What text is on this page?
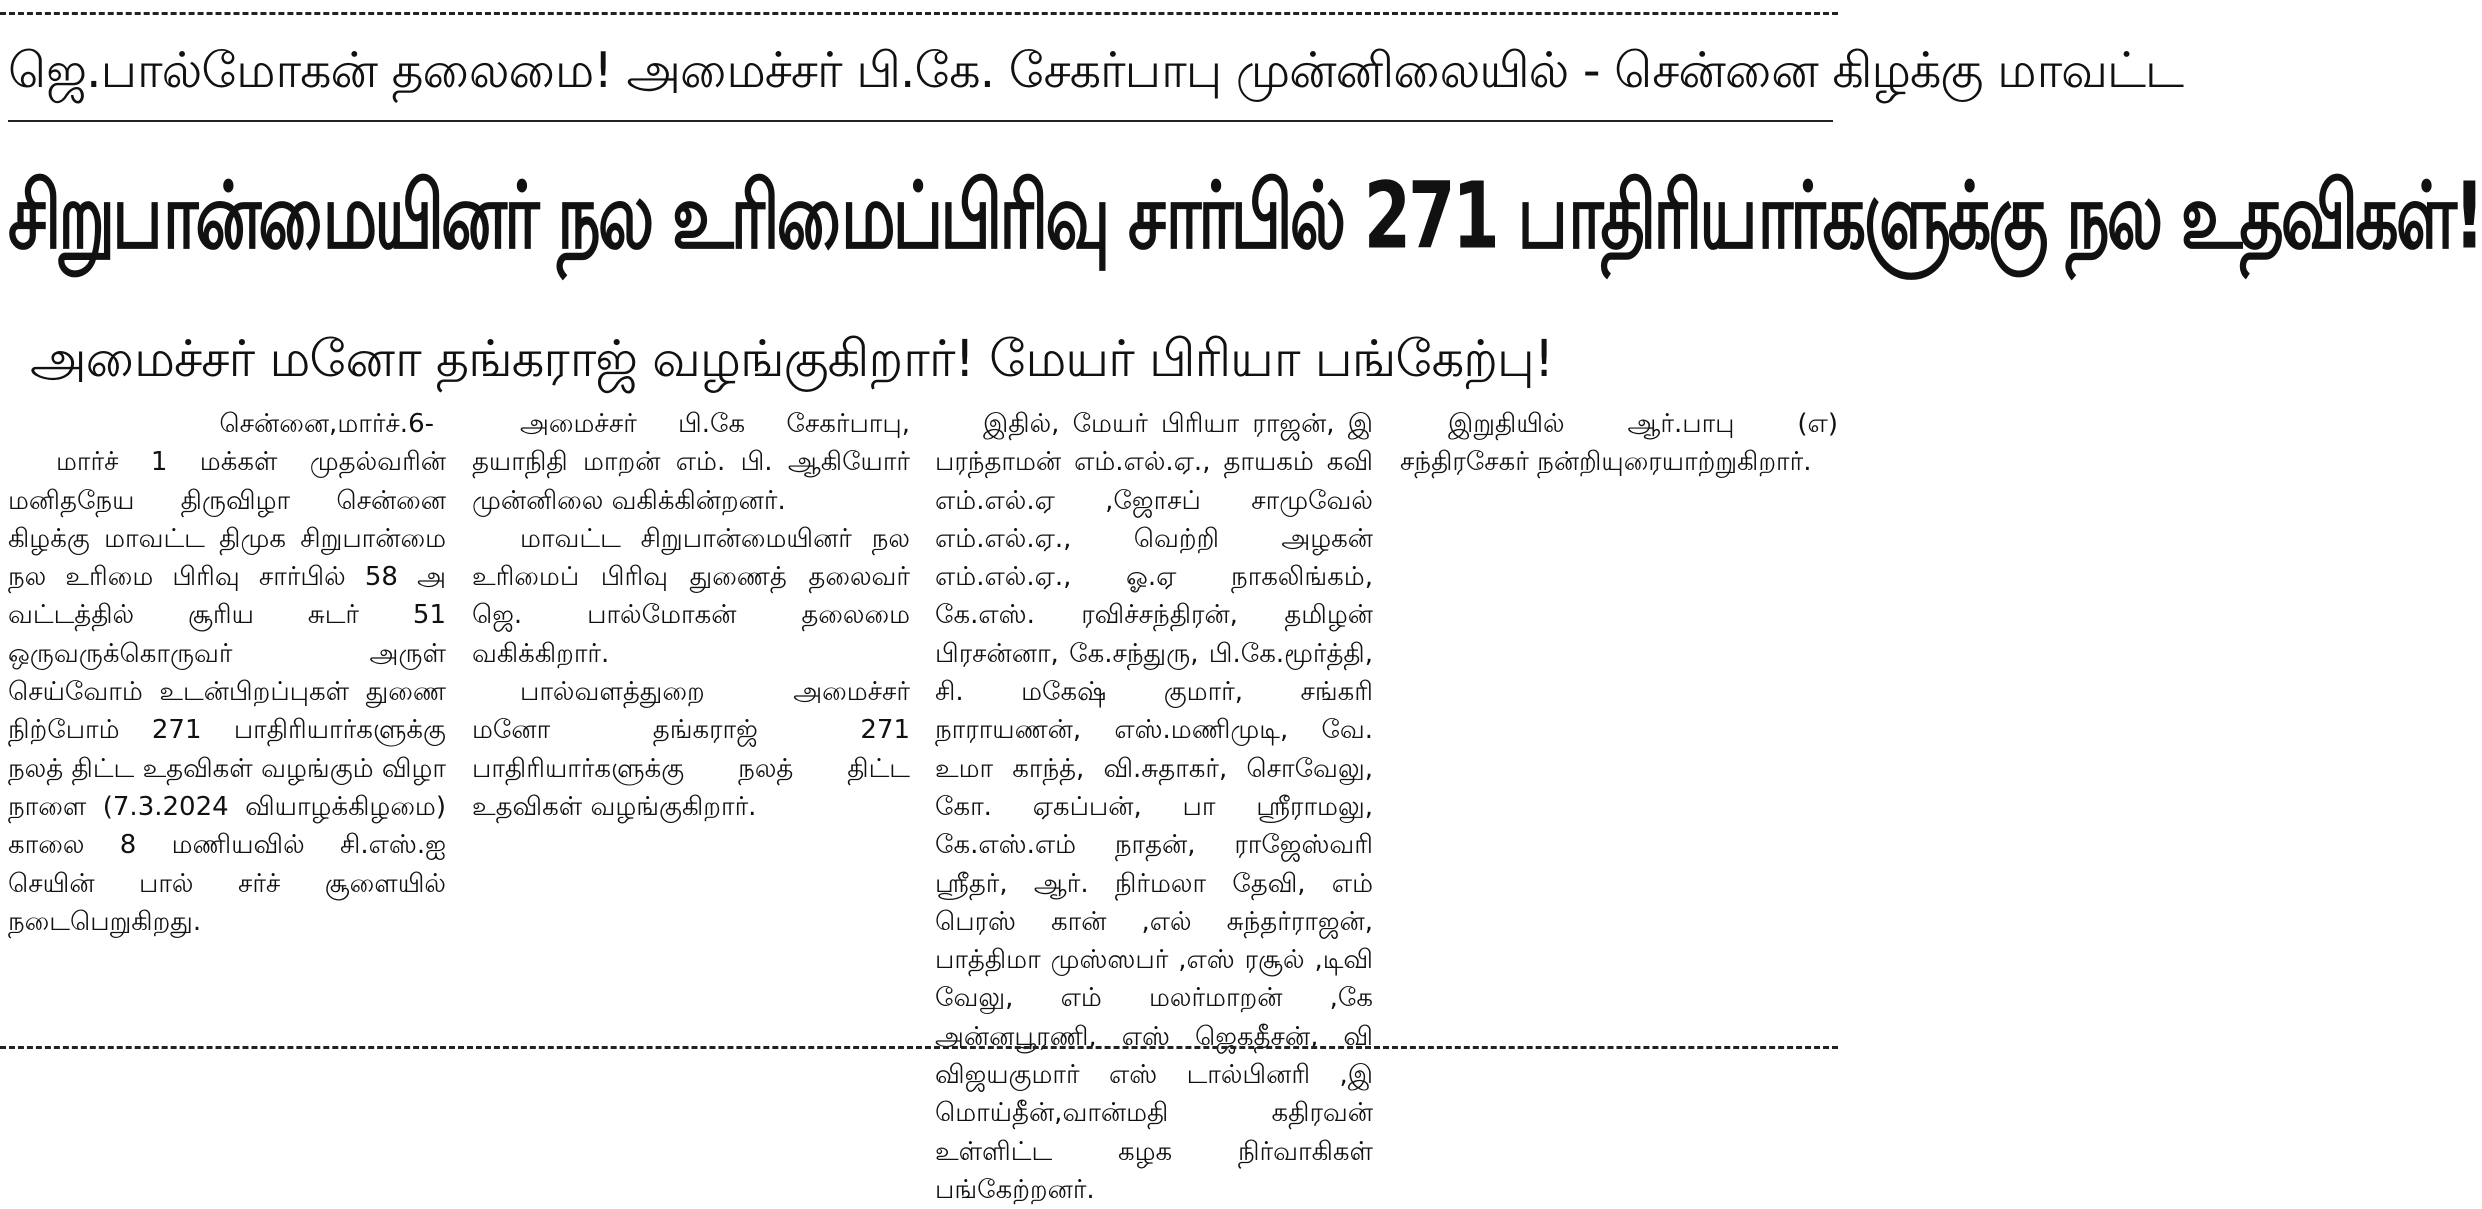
ஜெ.பால்மோகன் தலைமை! அமைச்சர் பி.கே. சேகர்பாபு முன்னிலையில் - சென்னை கிழக்கு மாவட்ட
சிறுபான்மையினர் நல உரிமைப்பிரிவு சார்பில் 271 பாதிரியார்களுக்கு நல உதவிகள்!
அமைச்சர் மனோ தங்கராஜ் வழங்குகிறார்! மேயர் பிரியா பங்கேற்பு!

சென்னை,மார்ச்.6-

மார்ச் 1 மக்கள் முதல்வரின் மனிதநேய திருவிழா சென்னை கிழக்கு மாவட்ட திமுக சிறுபான்மை நல உரிமை பிரிவு சார்பில் 58 அ வட்டத்தில் சூரிய சுடர் 51 ஒருவருக்கொருவர் அருள் செய்வோம் உடன்பிறப்புகள் துணை நிற்போம் 271 பாதிரியார்களுக்கு நலத் திட்ட உதவிகள் வழங்கும் விழா நாளை (7.3.2024 வியாழக்கிழமை) காலை 8 மணியவில் சி.எஸ்.ஐ செயின் பால் சர்ச் சூளையில் நடைபெறுகிறது.

அமைச்சர் பி.கே சேகர்பாபு, தயாநிதி மாறன் எம். பி. ஆகியோர் முன்னிலை வகிக்கின்றனர்.

மாவட்ட சிறுபான்மையினர் நல உரிமைப் பிரிவு துணைத் தலைவர் ஜெ. பால்மோகன் தலைமை வகிக்கிறார்.

பால்வளத்துறை அமைச்சர் மனோ தங்கராஜ் 271 பாதிரியார்களுக்கு நலத் திட்ட உதவிகள் வழங்குகிறார்.

இதில், மேயர் பிரியா ராஜன், இ பரந்தாமன் எம்.எல்.ஏ., தாயகம் கவி எம்.எல்.ஏ ,ஜோசப் சாமுவேல் எம்.எல்.ஏ., வெற்றி அழகன் எம்.எல்.ஏ., ஓ.ஏ நாகலிங்கம், கே.எஸ். ரவிச்சந்திரன், தமிழன் பிரசன்னா, கே.சந்துரு, பி.கே.மூர்த்தி, சி. மகேஷ் குமார், சங்கரி நாராயணன், எஸ்.மணிமுடி, வே. உமா காந்த், வி.சுதாகர், சொவேலு, கோ. ஏகப்பன், பா ஸ்ரீராமலு, கே.எஸ்.எம் நாதன், ராஜேஸ்வரி ஸ்ரீதர், ஆர். நிர்மலா தேவி, எம் பெரஸ் கான் ,எல் சுந்தர்ராஜன், பாத்திமா முஸ்ஸபர் ,எஸ் ரசூல் ,டிவி வேலு, எம் மலர்மாறன் ,கே அன்னபூரணி, எஸ் ஜெகதீசன், வி விஜயகுமார் எஸ் டால்பினரி ,இ மொய்தீன்,வான்மதி கதிரவன் உள்ளிட்ட கழக நிர்வாகிகள் பங்கேற்றனர்.

இறுதியில் ஆர்.பாபு (எ) சந்திரசேகர் நன்றியுரையாற்றுகிறார்.
